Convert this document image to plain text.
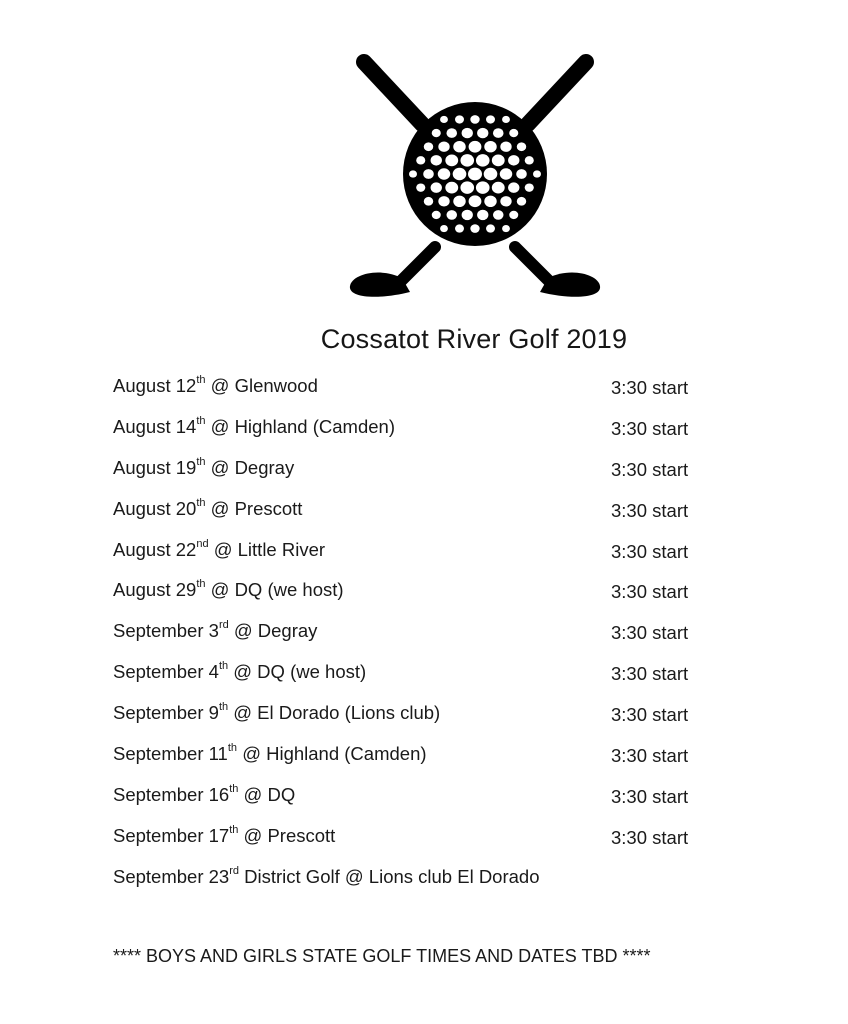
Cossatot River Golf 2019
August 12th @ Glenwood	3:30 start
August 14th @ Highland (Camden)	3:30 start
August 19th @ Degray	3:30 start
August 20th @ Prescott	3:30 start
August 22nd @ Little River	3:30 start
August 29th @ DQ (we host)	3:30 start
September 3rd @ Degray	3:30 start
September 4th @ DQ (we host)	3:30 start
September 9th @ El Dorado (Lions club)	3:30 start
September 11th @ Highland (Camden)	3:30 start
September 16th @ DQ	3:30 start
September 17th @ Prescott	3:30 start
September 23rd District Golf @ Lions club El Dorado
**** BOYS AND GIRLS STATE GOLF TIMES AND DATES TBD ****
